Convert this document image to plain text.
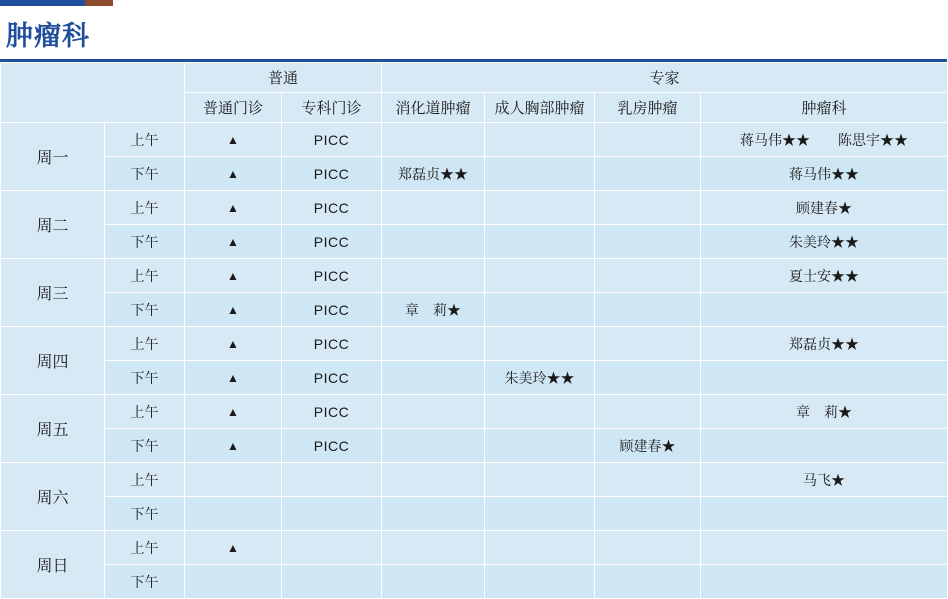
肿瘤科
		普通		专家			
		普通门诊	专科门诊	消化道肿瘤	成人胸部肿瘤	乳房肿瘤	肿瘤科
周一	上午	▲	PICC				蒋马伟★★　　陈思宇★★
	下午	▲	PICC	郑磊贞★★			蒋马伟★★
周二	上午	▲	PICC				顾建春★
	下午	▲	PICC				朱美玲★★
周三	上午	▲	PICC				夏士安★★
	下午	▲	PICC	章　莉★			
周四	上午	▲	PICC				郑磊贞★★
	下午	▲	PICC		朱美玲★★		
周五	上午	▲	PICC				章　莉★
	下午	▲	PICC			顾建春★	
周六	上午						马飞★
	下午						
周日	上午	▲					
	下午						
